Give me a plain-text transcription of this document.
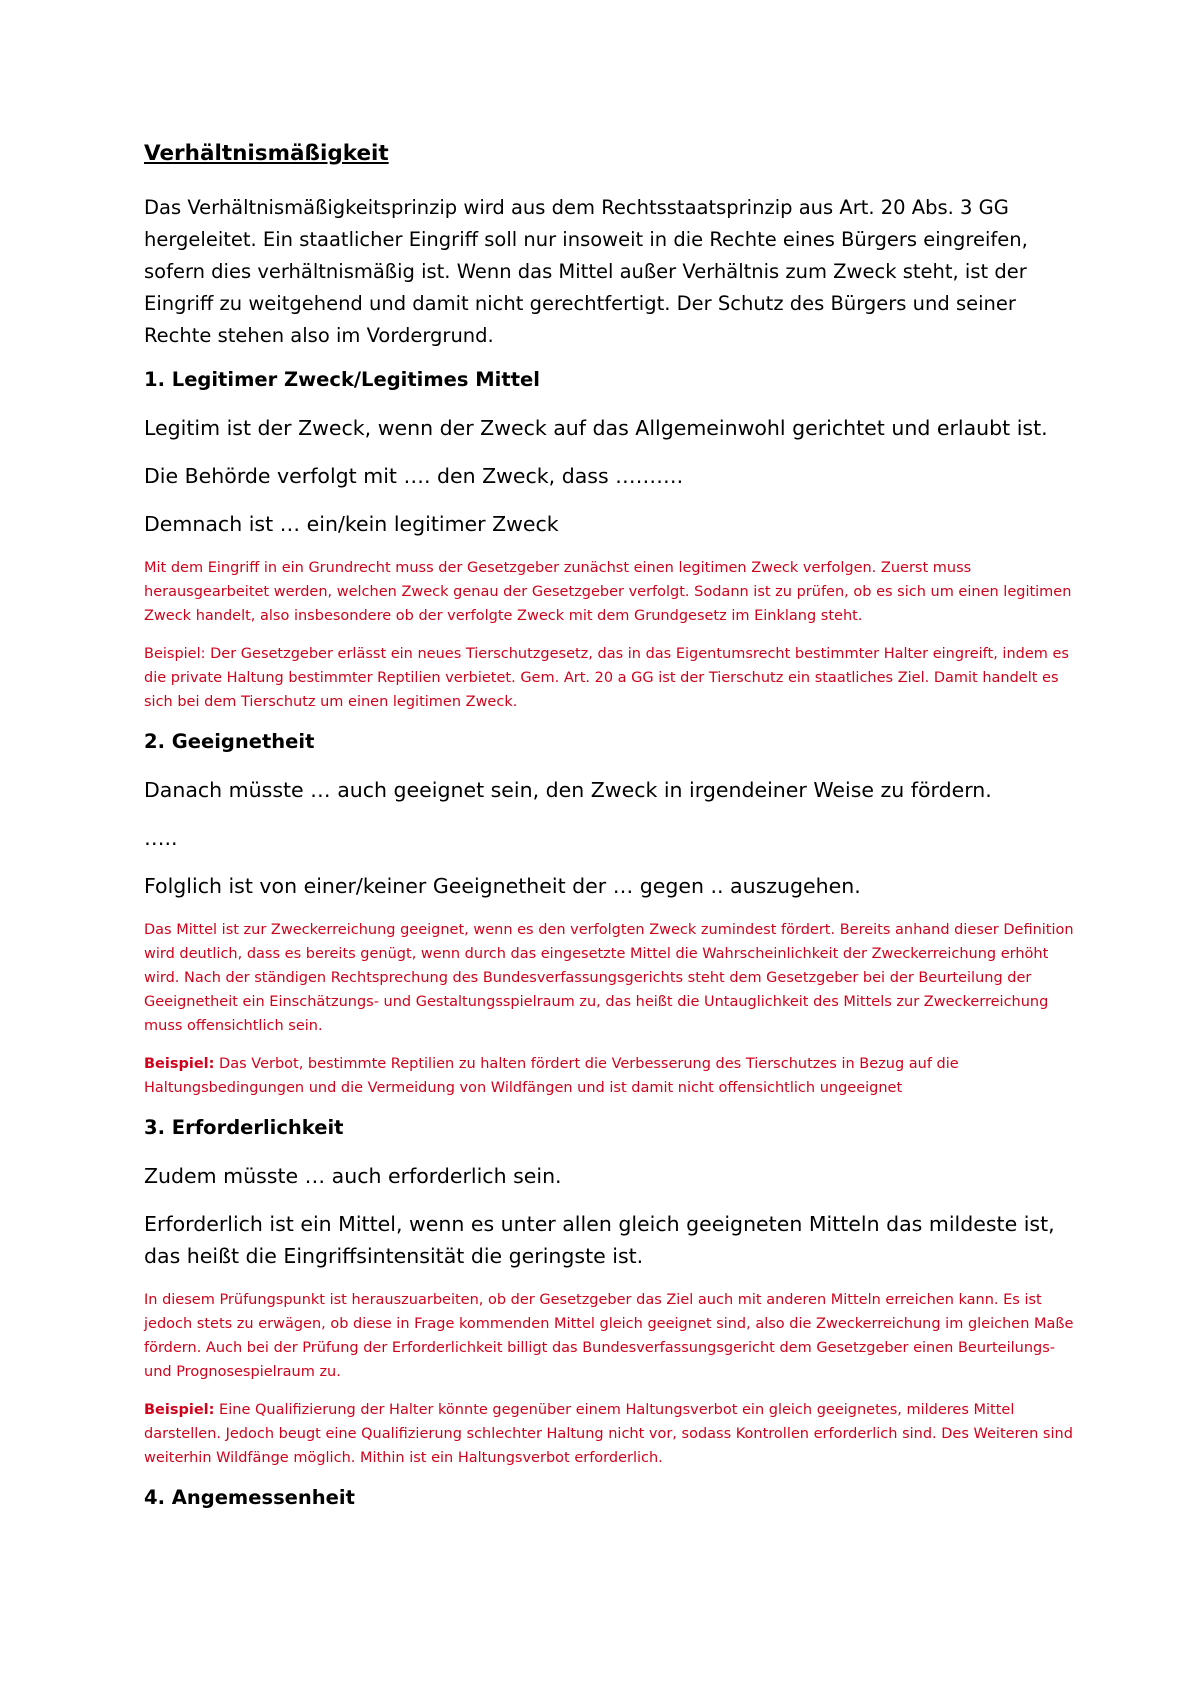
Verhältnismäßigkeit

Das Verhältnismäßigkeitsprinzip wird aus dem Rechtsstaatsprinzip aus Art. 20 Abs. 3 GG hergeleitet. Ein staatlicher Eingriff soll nur insoweit in die Rechte eines Bürgers eingreifen, sofern dies verhältnismäßig ist. Wenn das Mittel außer Verhältnis zum Zweck steht, ist der Eingriff zu weitgehend und damit nicht gerechtfertigt. Der Schutz des Bürgers und seiner Rechte stehen also im Vordergrund.

1. Legitimer Zweck/Legitimes Mittel

Legitim ist der Zweck, wenn der Zweck auf das Allgemeinwohl gerichtet und erlaubt ist.

Die Behörde verfolgt mit …. den Zweck, dass ……….

Demnach ist … ein/kein legitimer Zweck

Mit dem Eingriff in ein Grundrecht muss der Gesetzgeber zunächst einen legitimen Zweck verfolgen. Zuerst muss herausgearbeitet werden, welchen Zweck genau der Gesetzgeber verfolgt. Sodann ist zu prüfen, ob es sich um einen legitimen Zweck handelt, also insbesondere ob der verfolgte Zweck mit dem Grundgesetz im Einklang steht.

Beispiel: Der Gesetzgeber erlässt ein neues Tierschutzgesetz, das in das Eigentumsrecht bestimmter Halter eingreift, indem es die private Haltung bestimmter Reptilien verbietet. Gem. Art. 20 a GG ist der Tierschutz ein staatliches Ziel. Damit handelt es sich bei dem Tierschutz um einen legitimen Zweck.

2. Geeignetheit

Danach müsste … auch geeignet sein, den Zweck in irgendeiner Weise zu fördern.

…..

Folglich ist von einer/keiner Geeignetheit der … gegen .. auszugehen.

Das Mittel ist zur Zweckerreichung geeignet, wenn es den verfolgten Zweck zumindest fördert. Bereits anhand dieser Definition wird deutlich, dass es bereits genügt, wenn durch das eingesetzte Mittel die Wahrscheinlichkeit der Zweckerreichung erhöht wird. Nach der ständigen Rechtsprechung des Bundesverfassungsgerichts steht dem Gesetzgeber bei der Beurteilung der Geeignetheit ein Einschätzungs- und Gestaltungsspielraum zu, das heißt die Untauglichkeit des Mittels zur Zweckerreichung muss offensichtlich sein.

Beispiel: Das Verbot, bestimmte Reptilien zu halten fördert die Verbesserung des Tierschutzes in Bezug auf die Haltungsbedingungen und die Vermeidung von Wildfängen und ist damit nicht offensichtlich ungeeignet

3. Erforderlichkeit

Zudem müsste … auch erforderlich sein.

Erforderlich ist ein Mittel, wenn es unter allen gleich geeigneten Mitteln das mildeste ist, das heißt die Eingriffsintensität die geringste ist.

In diesem Prüfungspunkt ist herauszuarbeiten, ob der Gesetzgeber das Ziel auch mit anderen Mitteln erreichen kann. Es ist jedoch stets zu erwägen, ob diese in Frage kommenden Mittel gleich geeignet sind, also die Zweckerreichung im gleichen Maße fördern. Auch bei der Prüfung der Erforderlichkeit billigt das Bundesverfassungsgericht dem Gesetzgeber einen Beurteilungs- und Prognosespielraum zu.

Beispiel: Eine Qualifizierung der Halter könnte gegenüber einem Haltungsverbot ein gleich geeignetes, milderes Mittel darstellen. Jedoch beugt eine Qualifizierung schlechter Haltung nicht vor, sodass Kontrollen erforderlich sind. Des Weiteren sind weiterhin Wildfänge möglich. Mithin ist ein Haltungsverbot erforderlich.

4. Angemessenheit
